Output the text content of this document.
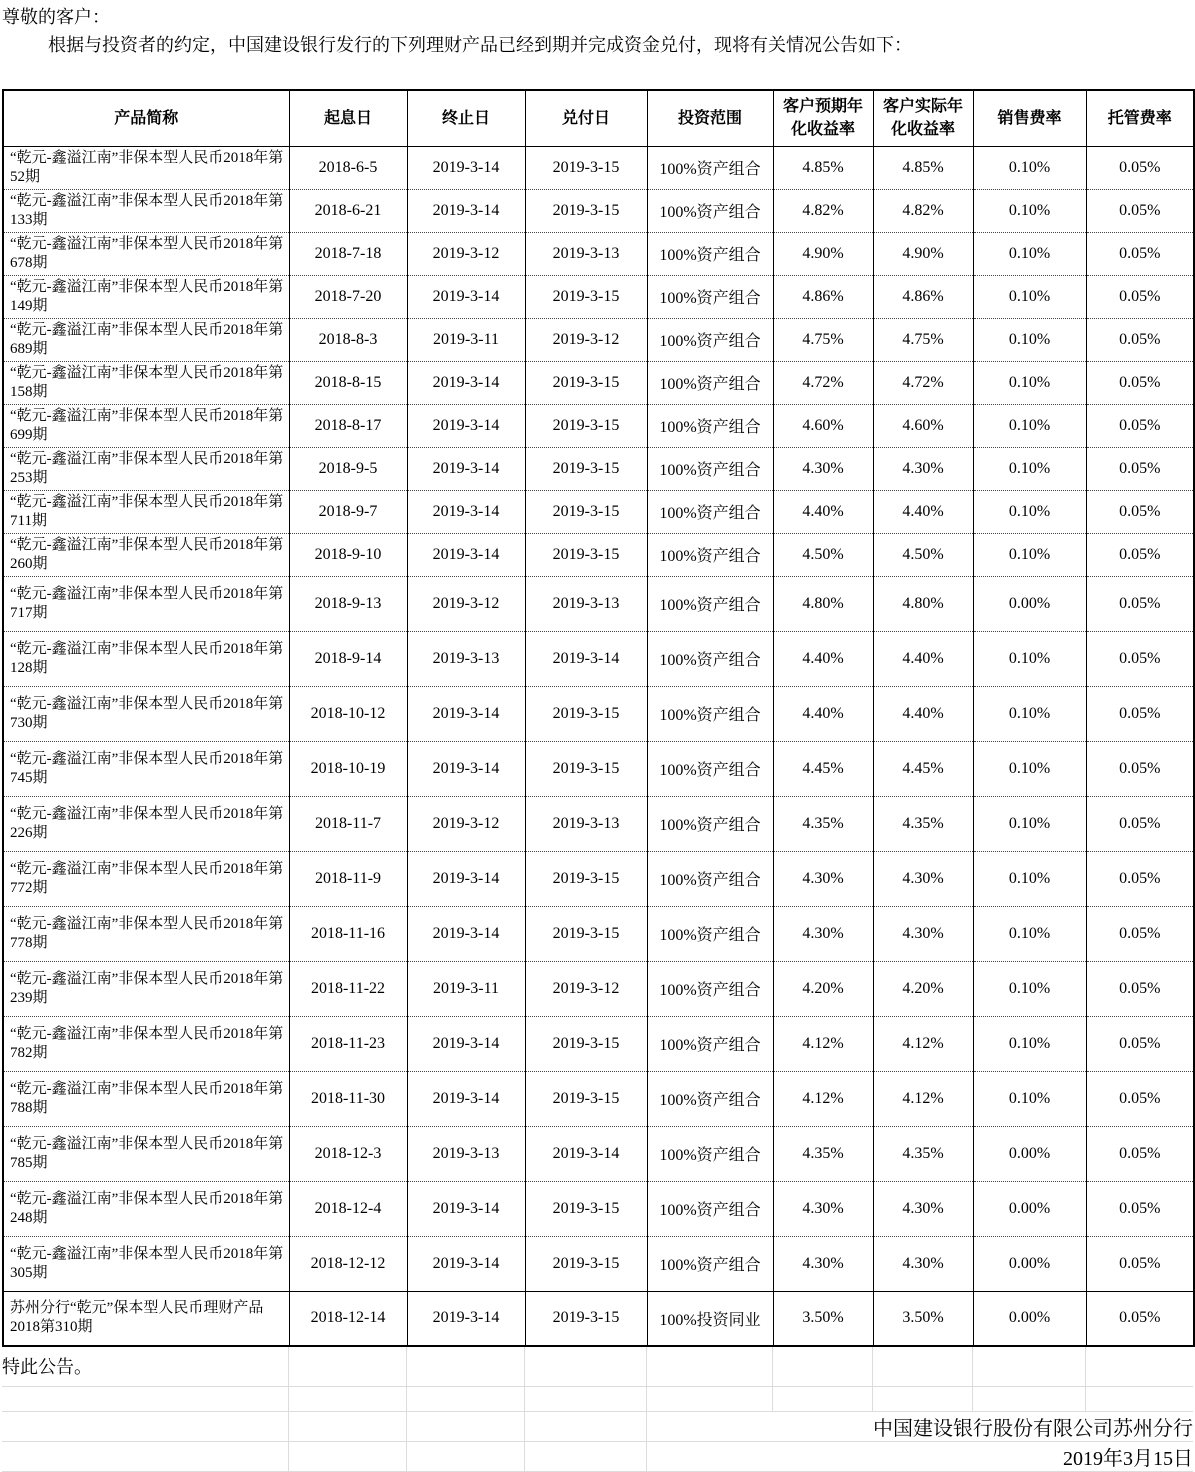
尊敬的客户：

根据与投资者的约定，中国建设银行发行的下列理财产品已经到期并完成资金兑付，现将有关情况公告如下：

产品简称	起息日	终止日	兑付日	投资范围	客户预期年化收益率	客户实际年化收益率	销售费率	托管费率
“乾元-鑫溢江南”非保本型人民币2018年第52期	2018-6-5	2019-3-14	2019-3-15	100%资产组合	4.85%	4.85%	0.10%	0.05%
“乾元-鑫溢江南”非保本型人民币2018年第133期	2018-6-21	2019-3-14	2019-3-15	100%资产组合	4.82%	4.82%	0.10%	0.05%
“乾元-鑫溢江南”非保本型人民币2018年第678期	2018-7-18	2019-3-12	2019-3-13	100%资产组合	4.90%	4.90%	0.10%	0.05%
“乾元-鑫溢江南”非保本型人民币2018年第149期	2018-7-20	2019-3-14	2019-3-15	100%资产组合	4.86%	4.86%	0.10%	0.05%
“乾元-鑫溢江南”非保本型人民币2018年第689期	2018-8-3	2019-3-11	2019-3-12	100%资产组合	4.75%	4.75%	0.10%	0.05%
“乾元-鑫溢江南”非保本型人民币2018年第158期	2018-8-15	2019-3-14	2019-3-15	100%资产组合	4.72%	4.72%	0.10%	0.05%
“乾元-鑫溢江南”非保本型人民币2018年第699期	2018-8-17	2019-3-14	2019-3-15	100%资产组合	4.60%	4.60%	0.10%	0.05%
“乾元-鑫溢江南”非保本型人民币2018年第253期	2018-9-5	2019-3-14	2019-3-15	100%资产组合	4.30%	4.30%	0.10%	0.05%
“乾元-鑫溢江南”非保本型人民币2018年第711期	2018-9-7	2019-3-14	2019-3-15	100%资产组合	4.40%	4.40%	0.10%	0.05%
“乾元-鑫溢江南”非保本型人民币2018年第260期	2018-9-10	2019-3-14	2019-3-15	100%资产组合	4.50%	4.50%	0.10%	0.05%
“乾元-鑫溢江南”非保本型人民币2018年第717期	2018-9-13	2019-3-12	2019-3-13	100%资产组合	4.80%	4.80%	0.00%	0.05%
“乾元-鑫溢江南”非保本型人民币2018年第128期	2018-9-14	2019-3-13	2019-3-14	100%资产组合	4.40%	4.40%	0.10%	0.05%
“乾元-鑫溢江南”非保本型人民币2018年第730期	2018-10-12	2019-3-14	2019-3-15	100%资产组合	4.40%	4.40%	0.10%	0.05%
“乾元-鑫溢江南”非保本型人民币2018年第745期	2018-10-19	2019-3-14	2019-3-15	100%资产组合	4.45%	4.45%	0.10%	0.05%
“乾元-鑫溢江南”非保本型人民币2018年第226期	2018-11-7	2019-3-12	2019-3-13	100%资产组合	4.35%	4.35%	0.10%	0.05%
“乾元-鑫溢江南”非保本型人民币2018年第772期	2018-11-9	2019-3-14	2019-3-15	100%资产组合	4.30%	4.30%	0.10%	0.05%
“乾元-鑫溢江南”非保本型人民币2018年第778期	2018-11-16	2019-3-14	2019-3-15	100%资产组合	4.30%	4.30%	0.10%	0.05%
“乾元-鑫溢江南”非保本型人民币2018年第239期	2018-11-22	2019-3-11	2019-3-12	100%资产组合	4.20%	4.20%	0.10%	0.05%
“乾元-鑫溢江南”非保本型人民币2018年第782期	2018-11-23	2019-3-14	2019-3-15	100%资产组合	4.12%	4.12%	0.10%	0.05%
“乾元-鑫溢江南”非保本型人民币2018年第788期	2018-11-30	2019-3-14	2019-3-15	100%资产组合	4.12%	4.12%	0.10%	0.05%
“乾元-鑫溢江南”非保本型人民币2018年第785期	2018-12-3	2019-3-13	2019-3-14	100%资产组合	4.35%	4.35%	0.00%	0.05%
“乾元-鑫溢江南”非保本型人民币2018年第248期	2018-12-4	2019-3-14	2019-3-15	100%资产组合	4.30%	4.30%	0.00%	0.05%
“乾元-鑫溢江南”非保本型人民币2018年第305期	2018-12-12	2019-3-14	2019-3-15	100%资产组合	4.30%	4.30%	0.00%	0.05%
苏州分行“乾元”保本型人民币理财产品2018第310期	2018-12-14	2019-3-14	2019-3-15	100%投资同业	3.50%	3.50%	0.00%	0.05%
特此公告。								

				中国建设银行股份有限公司苏州分行				
				2019年3月15日				
